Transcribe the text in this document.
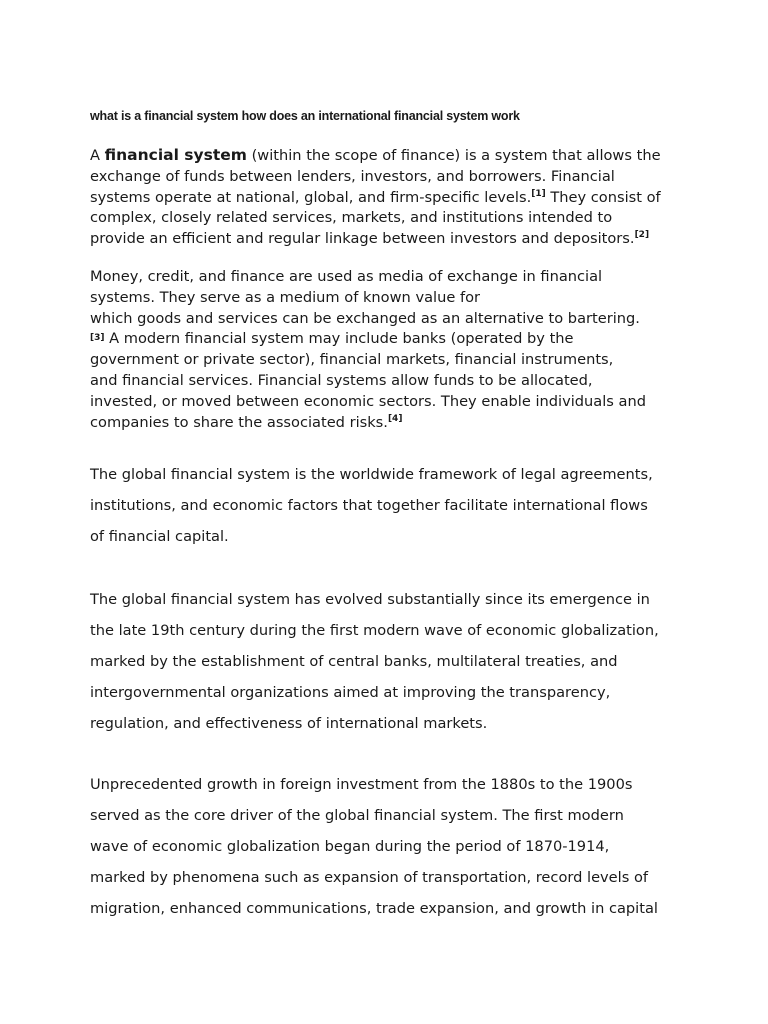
what is a financial system how does an international financial system work

A financial system (within the scope of finance) is a system that allows the
exchange of funds between lenders, investors, and borrowers. Financial
systems operate at national, global, and firm-specific levels.[1] They consist of
complex, closely related services, markets, and institutions intended to
provide an efficient and regular linkage between investors and depositors.[2]

Money, credit, and finance are used as media of exchange in financial
systems. They serve as a medium of known value for
which goods and services can be exchanged as an alternative to bartering.
[3] A modern financial system may include banks (operated by the
government or private sector), financial markets, financial instruments,
and financial services. Financial systems allow funds to be allocated,
invested, or moved between economic sectors. They enable individuals and
companies to share the associated risks.[4]

The global financial system is the worldwide framework of legal agreements,
institutions, and economic factors that together facilitate international flows
of financial capital.

The global financial system has evolved substantially since its emergence in
the late 19th century during the first modern wave of economic globalization,
marked by the establishment of central banks, multilateral treaties, and
intergovernmental organizations aimed at improving the transparency,
regulation, and effectiveness of international markets.

Unprecedented growth in foreign investment from the 1880s to the 1900s
served as the core driver of the global financial system. The first modern
wave of economic globalization began during the period of 1870-1914,
marked by phenomena such as expansion of transportation, record levels of
migration, enhanced communications, trade expansion, and growth in capital
